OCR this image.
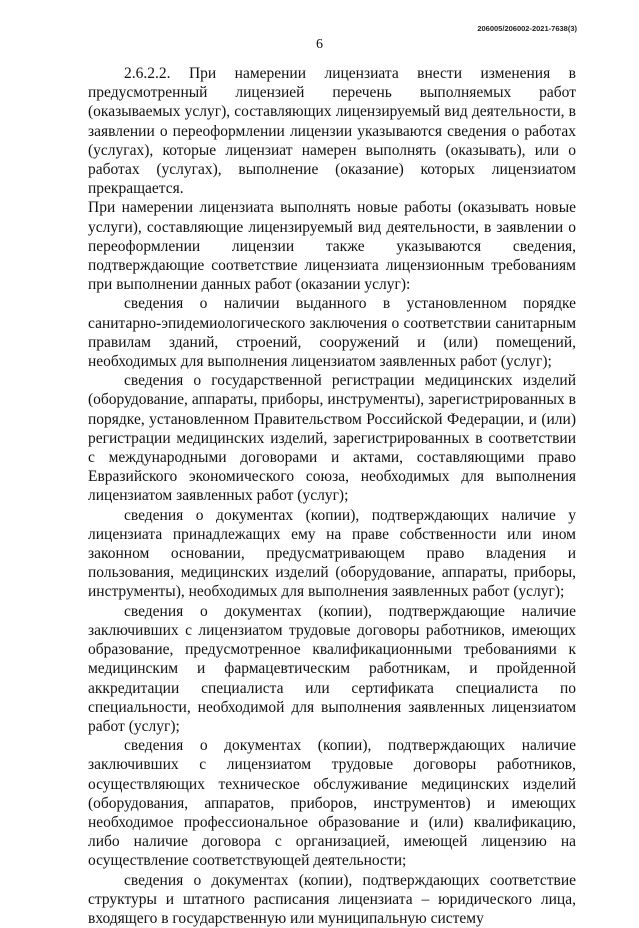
206005/206002-2021-7638(3)
6

2.6.2.2. При намерении лицензиата внести изменения в предусмотренный лицензией перечень выполняемых работ (оказываемых услуг), составляющих лицензируемый вид деятельности, в заявлении о переоформлении лицензии указываются сведения о работах (услугах), которые лицензиат намерен выполнять (оказывать), или о работах (услугах), выполнение (оказание) которых лицензиатом прекращается.

При намерении лицензиата выполнять новые работы (оказывать новые услуги), составляющие лицензируемый вид деятельности, в заявлении о переоформлении лицензии также указываются сведения, подтверждающие соответствие лицензиата лицензионным требованиям при выполнении данных работ (оказании услуг):

сведения о наличии выданного в установленном порядке санитарно-эпидемиологического заключения о соответствии санитарным правилам зданий, строений, сооружений и (или) помещений, необходимых для выполнения лицензиатом заявленных работ (услуг);

сведения о государственной регистрации медицинских изделий (оборудование, аппараты, приборы, инструменты), зарегистрированных в порядке, установленном Правительством Российской Федерации, и (или) регистрации медицинских изделий, зарегистрированных в соответствии с международными договорами и актами, составляющими право Евразийского экономического союза, необходимых для выполнения лицензиатом заявленных работ (услуг);

сведения о документах (копии), подтверждающих наличие у лицензиата принадлежащих ему на праве собственности или ином законном основании, предусматривающем право владения и пользования, медицинских изделий (оборудование, аппараты, приборы, инструменты), необходимых для выполнения заявленных работ (услуг);

сведения о документах (копии), подтверждающие наличие заключивших с лицензиатом трудовые договоры работников, имеющих образование, предусмотренное квалификационными требованиями к медицинским и фармацевтическим работникам, и пройденной аккредитации специалиста или сертификата специалиста по специальности, необходимой для выполнения заявленных лицензиатом работ (услуг);

сведения о документах (копии), подтверждающих наличие заключивших с лицензиатом трудовые договоры работников, осуществляющих техническое обслуживание медицинских изделий (оборудования, аппаратов, приборов, инструментов) и имеющих необходимое профессиональное образование и (или) квалификацию, либо наличие договора с организацией, имеющей лицензию на осуществление соответствующей деятельности;

сведения о документах (копии), подтверждающих соответствие структуры и штатного расписания лицензиата – юридического лица, входящего в государственную или муниципальную систему
